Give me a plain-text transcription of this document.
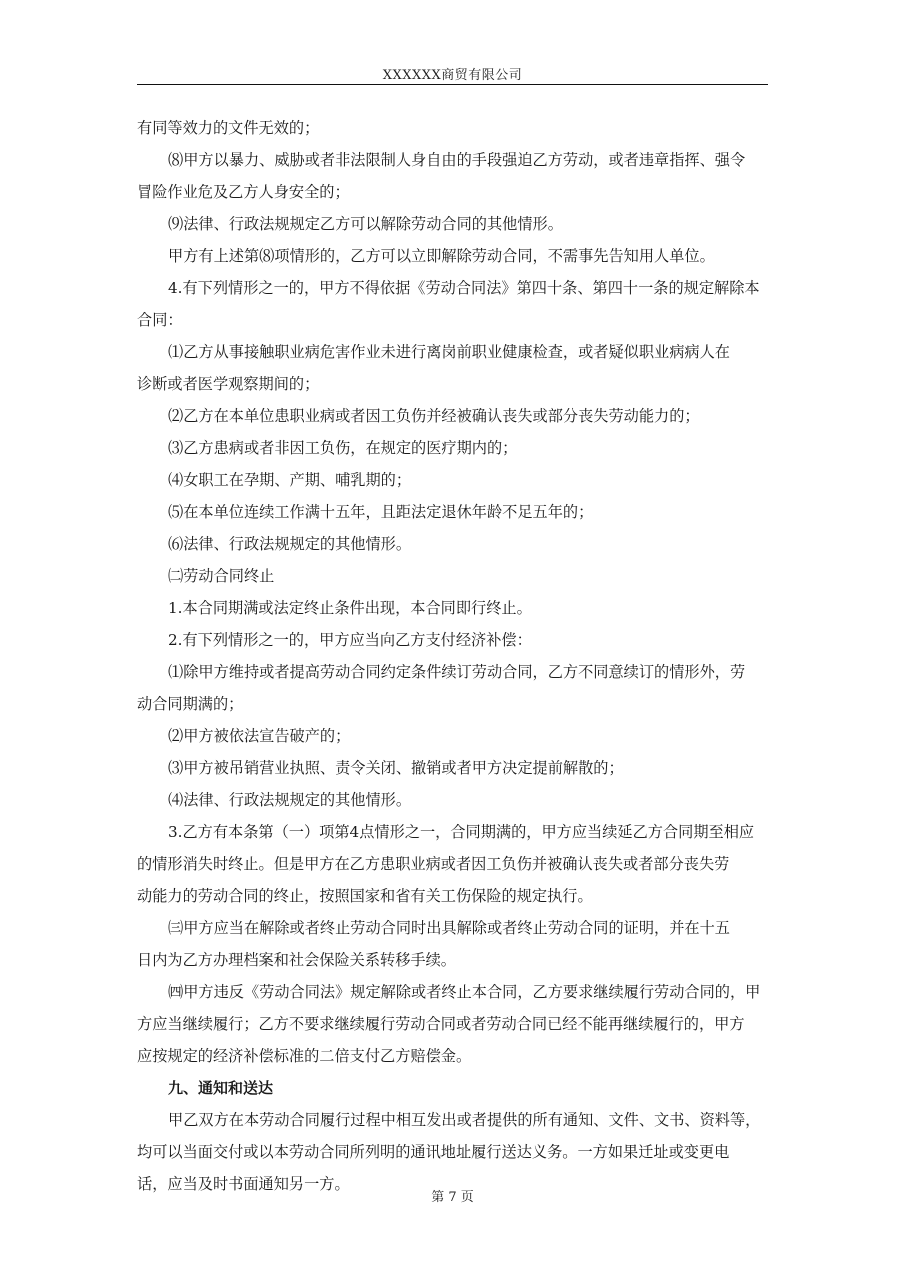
XXXXXX商贸有限公司
有同等效力的文件无效的；
⑻甲方以暴力、威胁或者非法限制人身自由的手段强迫乙方劳动，或者违章指挥、强令
冒险作业危及乙方人身安全的；
⑼法律、行政法规规定乙方可以解除劳动合同的其他情形。
甲方有上述第⑻项情形的，乙方可以立即解除劳动合同，不需事先告知用人单位。
4.有下列情形之一的，甲方不得依据《劳动合同法》第四十条、第四十一条的规定解除本
合同：
⑴乙方从事接触职业病危害作业未进行离岗前职业健康检查，或者疑似职业病病人在
诊断或者医学观察期间的；
⑵乙方在本单位患职业病或者因工负伤并经被确认丧失或部分丧失劳动能力的；
⑶乙方患病或者非因工负伤，在规定的医疗期内的；
⑷女职工在孕期、产期、哺乳期的；
⑸在本单位连续工作满十五年，且距法定退休年龄不足五年的；
⑹法律、行政法规规定的其他情形。
㈡劳动合同终止
1.本合同期满或法定终止条件出现，本合同即行终止。
2.有下列情形之一的，甲方应当向乙方支付经济补偿：
⑴除甲方维持或者提高劳动合同约定条件续订劳动合同，乙方不同意续订的情形外，劳
动合同期满的；
⑵甲方被依法宣告破产的；
⑶甲方被吊销营业执照、责令关闭、撤销或者甲方决定提前解散的；
⑷法律、行政法规规定的其他情形。
3.乙方有本条第（一）项第4点情形之一，合同期满的，甲方应当续延乙方合同期至相应
的情形消失时终止。但是甲方在乙方患职业病或者因工负伤并被确认丧失或者部分丧失劳
动能力的劳动合同的终止，按照国家和省有关工伤保险的规定执行。
㈢甲方应当在解除或者终止劳动合同时出具解除或者终止劳动合同的证明，并在十五
日内为乙方办理档案和社会保险关系转移手续。
㈣甲方违反《劳动合同法》规定解除或者终止本合同，乙方要求继续履行劳动合同的，甲
方应当继续履行；乙方不要求继续履行劳动合同或者劳动合同已经不能再继续履行的，甲方
应按规定的经济补偿标准的二倍支付乙方赔偿金。
九、通知和送达
甲乙双方在本劳动合同履行过程中相互发出或者提供的所有通知、文件、文书、资料等，
均可以当面交付或以本劳动合同所列明的通讯地址履行送达义务。一方如果迁址或变更电
话，应当及时书面通知另一方。
第 7 页
